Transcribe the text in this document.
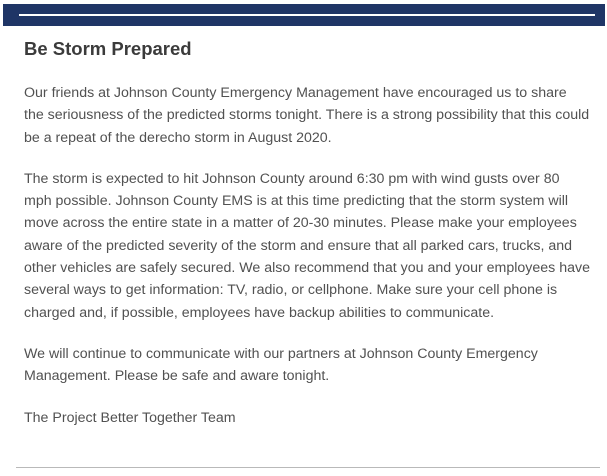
Be Storm Prepared

Our friends at Johnson County Emergency Management have encouraged us to share the seriousness of the predicted storms tonight. There is a strong possibility that this could be a repeat of the derecho storm in August 2020.

The storm is expected to hit Johnson County around 6:30 pm with wind gusts over 80 mph possible. Johnson County EMS is at this time predicting that the storm system will move across the entire state in a matter of 20-30 minutes. Please make your employees aware of the predicted severity of the storm and ensure that all parked cars, trucks, and other vehicles are safely secured. We also recommend that you and your employees have several ways to get information: TV, radio, or cellphone. Make sure your cell phone is charged and, if possible, employees have backup abilities to communicate.

We will continue to communicate with our partners at Johnson County Emergency Management. Please be safe and aware tonight.

The Project Better Together Team
